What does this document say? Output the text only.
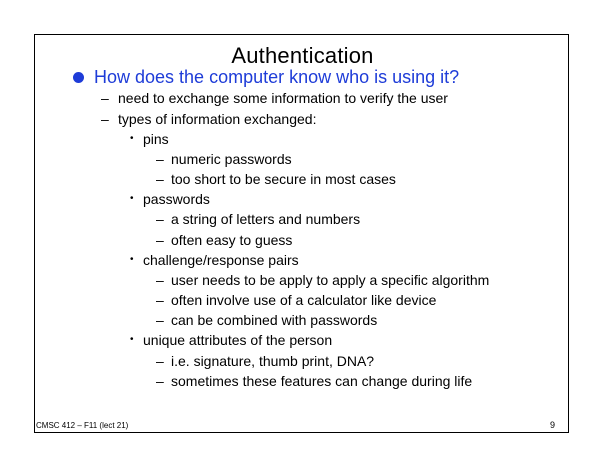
Authentication
How does the computer know who is using it?
– need to exchange some information to verify the user
– types of information exchanged:
• pins
– numeric passwords
– too short to be secure in most cases
• passwords
– a string of letters and numbers
– often easy to guess
• challenge/response pairs
– user needs to be apply to apply a specific algorithm
– often involve use of a calculator like device
– can be combined with passwords
• unique attributes of the person
– i.e. signature, thumb print, DNA?
– sometimes these features can change during life
CMSC 412 – F11 (lect 21)	9
